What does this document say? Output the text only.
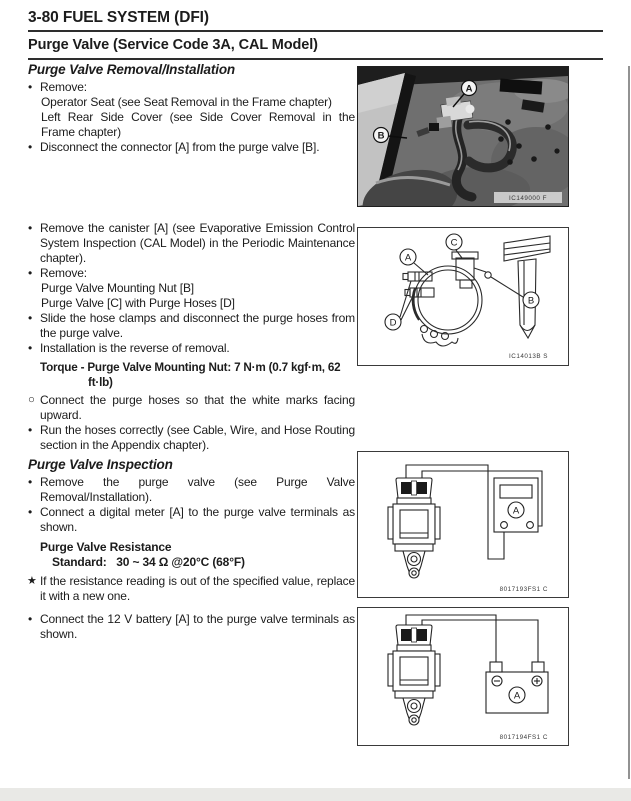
3-80 FUEL SYSTEM (DFI)
Purge Valve (Service Code 3A, CAL Model)
Purge Valve Removal/Installation
• Remove:
Operator Seat (see Seat Removal in the Frame chapter)
Left Rear Side Cover (see Side Cover Removal in the Frame chapter)
• Disconnect the connector [A] from the purge valve [B].
• Remove the canister [A] (see Evaporative Emission Control System Inspection (CAL Model) in the Periodic Maintenance chapter).
• Remove:
Purge Valve Mounting Nut [B]
Purge Valve [C] with Purge Hoses [D]
• Slide the hose clamps and disconnect the purge hoses from the purge valve.
• Installation is the reverse of removal.
Torque - Purge Valve Mounting Nut: 7 N·m (0.7 kgf·m, 62 ft·lb)
○ Connect the purge hoses so that the white marks facing upward.
• Run the hoses correctly (see Cable, Wire, and Hose Routing section in the Appendix chapter).
Purge Valve Inspection
• Remove the purge valve (see Purge Valve Removal/Installation).
• Connect a digital meter [A] to the purge valve terminals as shown.
Purge Valve Resistance
Standard:   30 ~ 34 Ω @20°C (68°F)
★ If the resistance reading is out of the specified value, replace it with a new one.
• Connect the 12 V battery [A] to the purge valve terminals as shown.
A
B
IC149000 F
A
C
B
D
IC14013B S
A
8017193FS1 C
A
8017194FS1 C
